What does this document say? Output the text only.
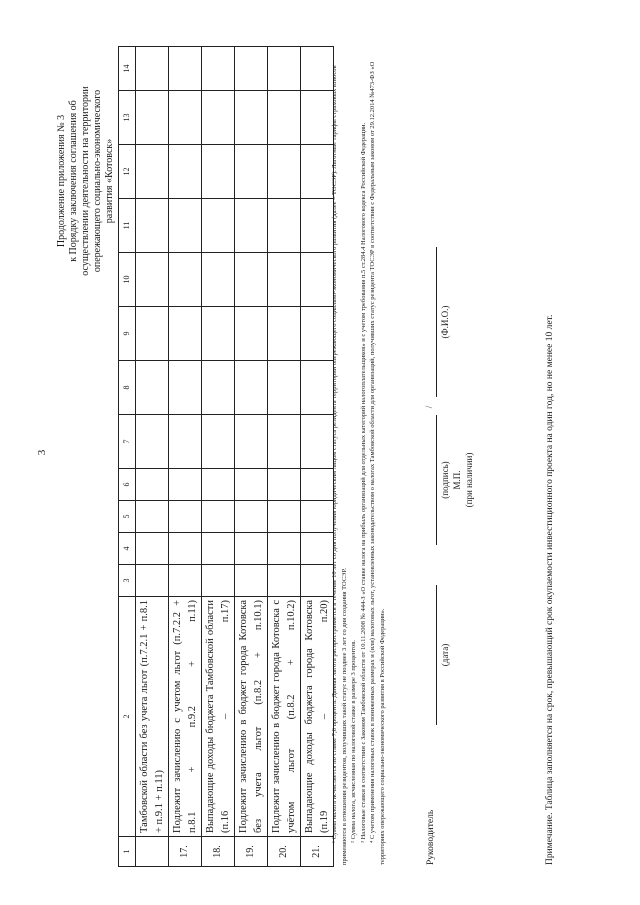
3
Продолжение приложения № 3 к Порядку заключения соглашения об осуществлении деятельности на территории опережающего социально-экономического развития «Котовск»
1	2	3	4	5	6	7	8	9	10	11	12	13	14
	Тамбовской области без учета льгот (п.7.2.1 + п.8.1 + п.9.1 + п.11)												
17.	Подлежит зачислению с учетом льгот (п.7.2.2 + п.8.1 + п.9.2 + п.11)												
18.	Выпадающие доходы бюджета Тамбовской области (п.16 – п.17)												
19.	Подлежит зачислению в бюджет города Котовска без учета льгот (п.8.2 + п.10.1)												
20.	Подлежит зачислению в бюджет города Котовска с учётом льгот (п.8.2 + п.10.2)												
21.	Выпадающие доходы бюджета города Котовска (п.19 – п.20)												¹ Сумма налога исчисляется по ставке 7,6 процента. Данная льгота распространяется в течение 10 лет со дня получения юридическим лицом статуса резидента территории опережающего социально-экономического развития (далее – ТОСЭР). Льготные тарифы страховых взносов применяются в отношении резидентов, получивших такой статус не позднее 3 лет со дня создания ТОСЭР. ² Сумма налога, исчисленная по налоговой ставке в размере 3 процентов. ³ Налоговые ставки в соответствии с Законом Тамбовской области от 10.11.2008 № 444-З «О ставке налога на прибыль организаций для отдельных категорий налогоплательщиков» и с учетом требования п.5 ст.284.4 Налогового кодекса Российской Федерации. ⁴ С учетом применения налоговых ставок в пониженных размерах и (или) налоговых льгот, установленных законодательством о налогах Тамбовской области для организаций, получивших статус резидента ТОСЭР в соответствии с Федеральным законом от 29.12.2014 №473-ФЗ «О территориях опережающего социально-экономического развития в Российской Федерации».	Руководитель
(дата)
(подпись) М.П. (при наличии)
/
(Ф.И.О.)	Примечание. Таблица заполняется на срок, превышающий срок окупаемости инвестиционного проекта на один год, но не менее 10 лет.
